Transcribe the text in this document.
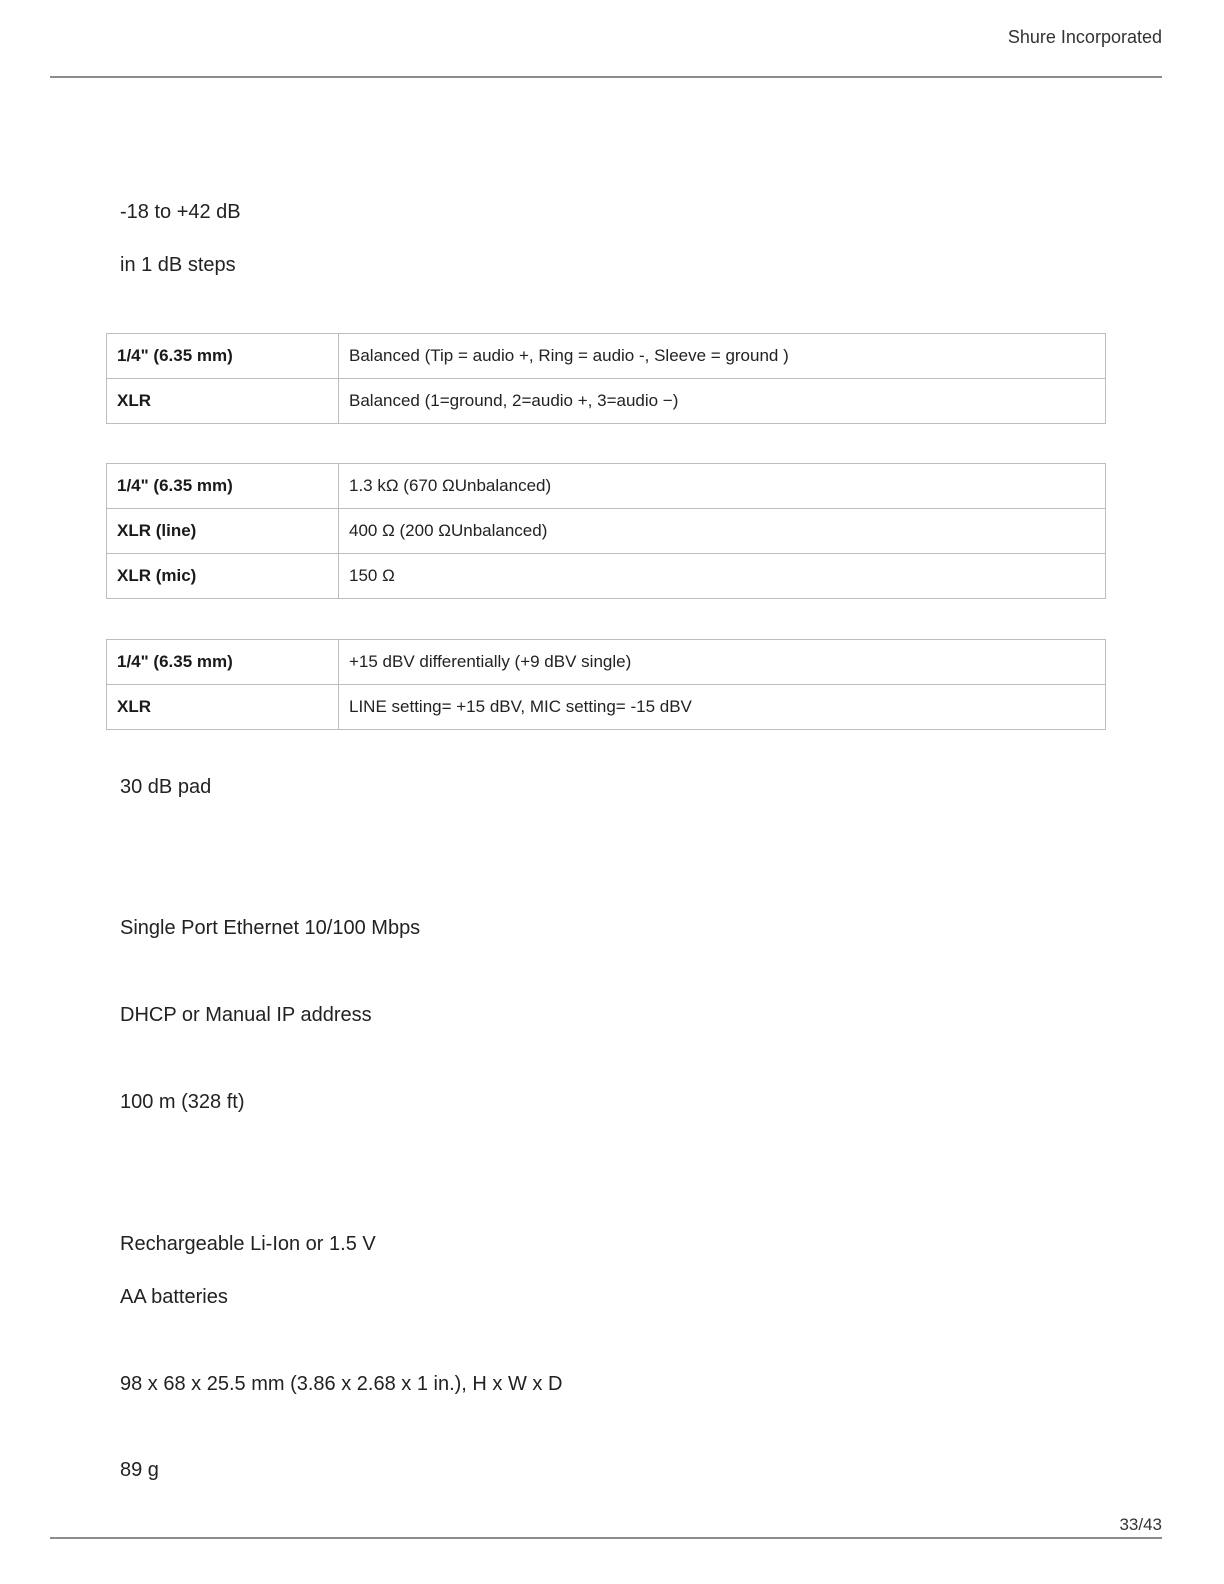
Shure Incorporated
-18 to +42 dB
in 1 dB steps
1/4" (6.35 mm)	Balanced (Tip = audio +, Ring = audio -, Sleeve = ground )
XLR	Balanced (1=ground, 2=audio +, 3=audio −)
1/4" (6.35 mm)	1.3 kΩ (670 ΩUnbalanced)
XLR (line)	400 Ω (200 ΩUnbalanced)
XLR (mic)	150 Ω
1/4" (6.35 mm)	+15 dBV differentially (+9 dBV single)
XLR	LINE setting= +15 dBV, MIC setting= -15 dBV
30 dB pad
Single Port Ethernet 10/100 Mbps
DHCP or Manual IP address
100 m (328 ft)
Rechargeable Li-Ion or 1.5 V
AA batteries
98 x 68 x 25.5 mm (3.86 x 2.68 x 1 in.), H x W x D
89 g
33/43
